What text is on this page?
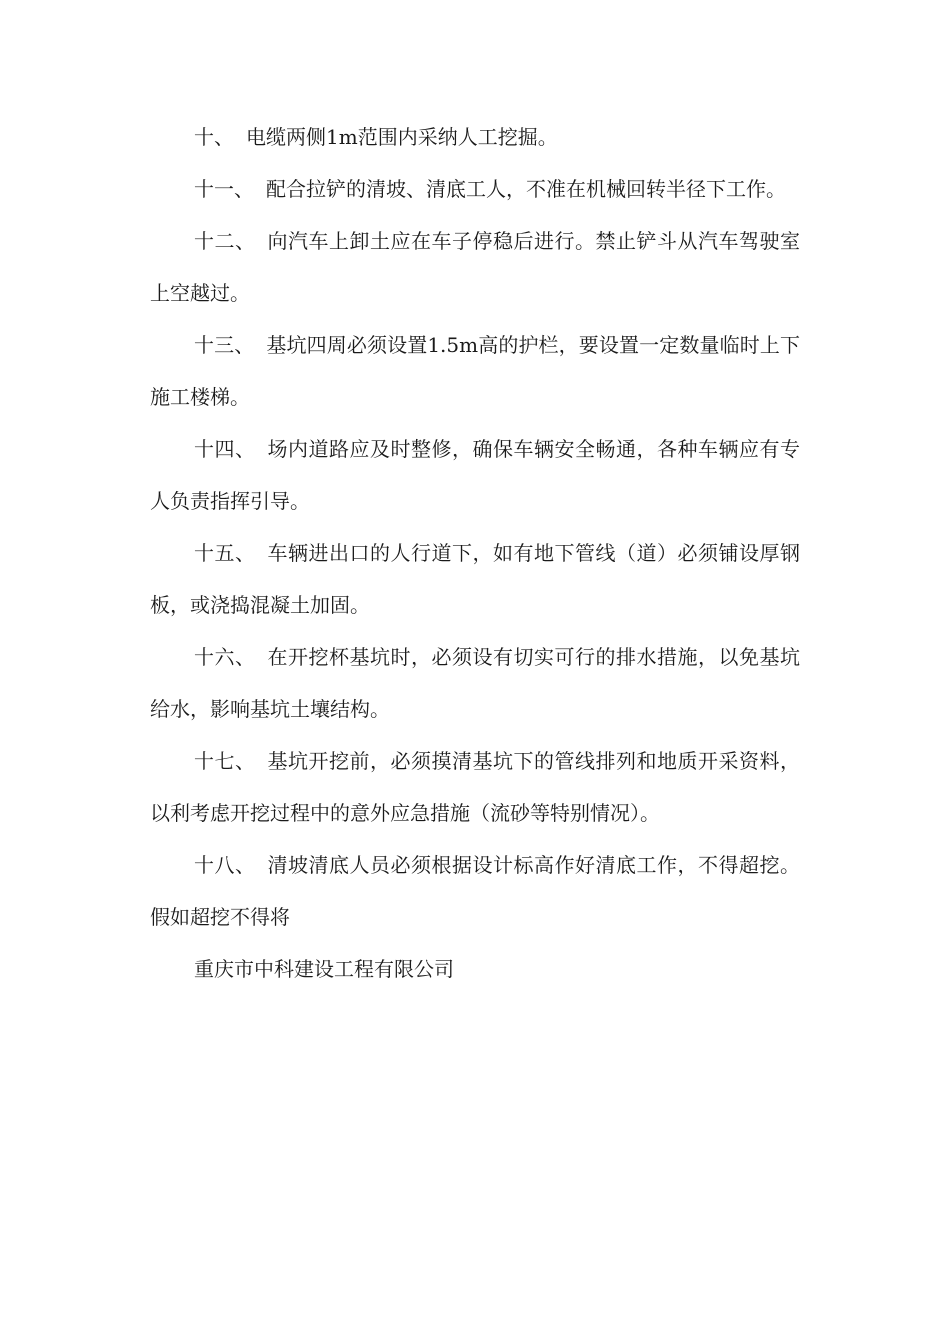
十、 电缆两侧1m范围内采纳人工挖掘。

十一、 配合拉铲的清坡、清底工人，不准在机械回转半径下工作。

十二、 向汽车上卸土应在车子停稳后进行。禁止铲斗从汽车驾驶室上空越过。

十三、 基坑四周必须设置1.5m高的护栏，要设置一定数量临时上下施工楼梯。

十四、 场内道路应及时整修，确保车辆安全畅通，各种车辆应有专人负责指挥引导。

十五、 车辆进出口的人行道下，如有地下管线（道）必须铺设厚钢板，或浇捣混凝土加固。

十六、 在开挖杯基坑时，必须设有切实可行的排水措施，以免基坑给水，影响基坑土壤结构。

十七、 基坑开挖前，必须摸清基坑下的管线排列和地质开采资料，以利考虑开挖过程中的意外应急措施（流砂等特别情况）。

十八、 清坡清底人员必须根据设计标高作好清底工作，不得超挖。假如超挖不得将

重庆市中科建设工程有限公司
